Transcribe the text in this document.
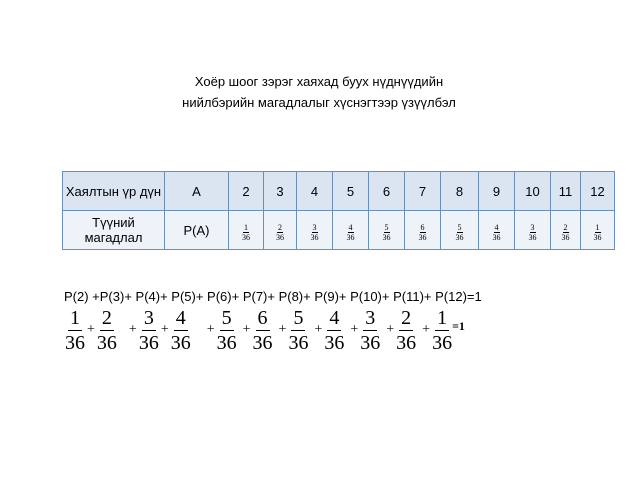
Хоёр шоог зэрэг хаяхад буух нүднүүдийн
нийлбэрийн магадлалыг хүснэгтээр үзүүлбэл
Хаялтын үр дүн	A	2	3	4	5	6	7	8	9	10	11	12
Түүний магадлал	P(A)	$\frac{1}{36}$	$\frac{2}{36}$	$\frac{3}{36}$	$\frac{4}{36}$	$\frac{5}{36}$	$\frac{6}{36}$	$\frac{5}{36}$	$\frac{4}{36}$	$\frac{3}{36}$	$\frac{2}{36}$	$\frac{1}{36}$
P(2) +P(3)+ P(4)+ P(5)+ P(6)+ P(7)+ P(8)+ P(9)+ P(10)+ P(11)+ P(12)=1
$\frac{1}{36} + \frac{2}{36} + \frac{3}{36} + \frac{4}{36} + \frac{5}{36} + \frac{6}{36} + \frac{5}{36} + \frac{4}{36} + \frac{3}{36} + \frac{2}{36} + \frac{1}{36} =1$
